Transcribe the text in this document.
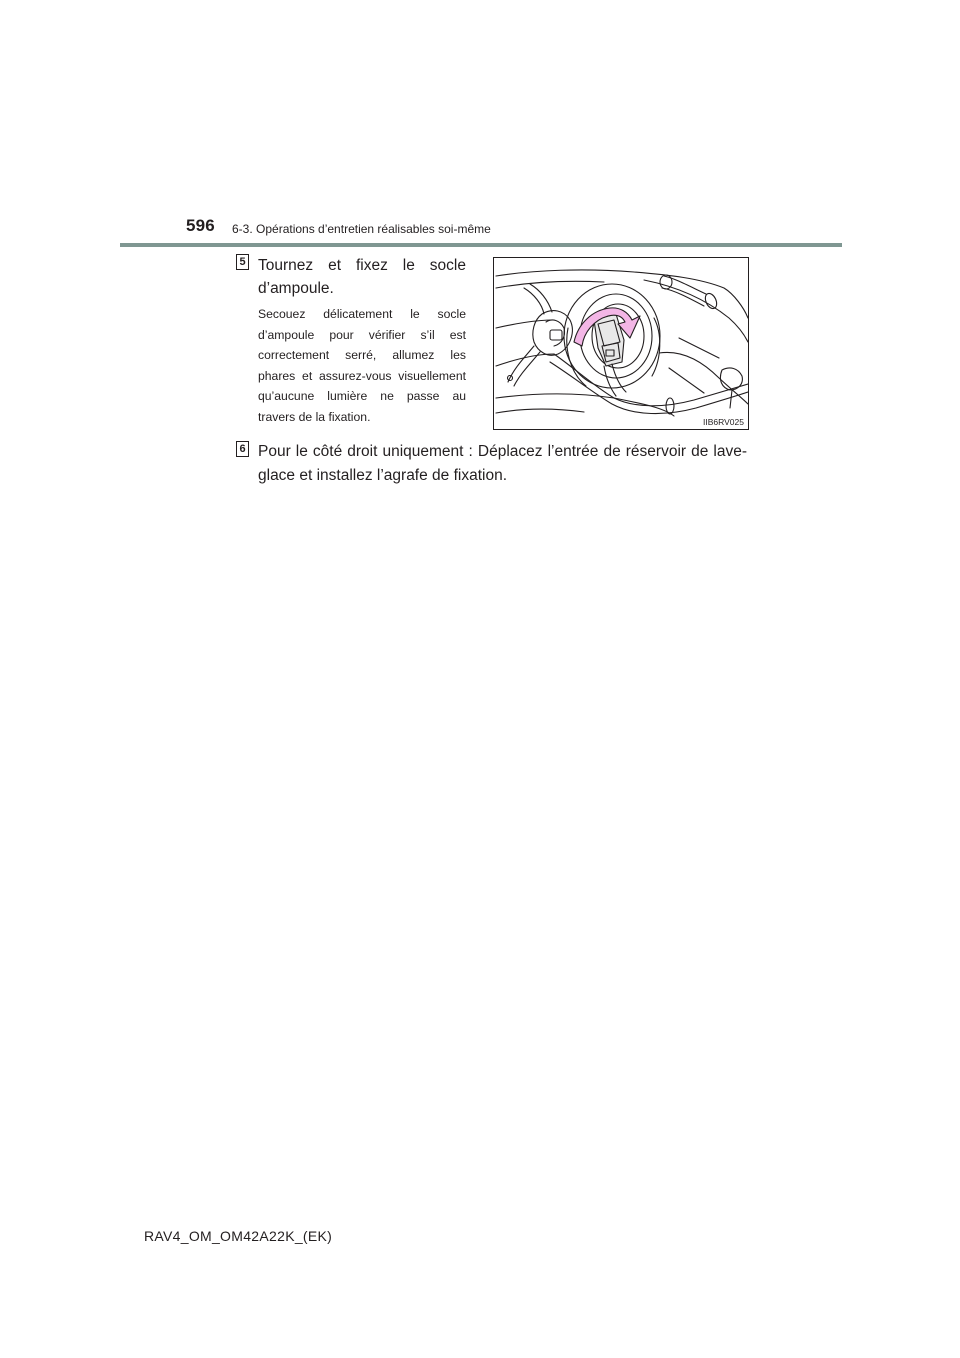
596 6-3. Opérations d’entretien réalisables soi-même
5 Tournez et fixez le socle d’ampoule.

Secouez délicatement le socle d’ampoule pour vérifier s’il est correctement serré, allumez les phares et assurez-vous visuellement qu’aucune lumière ne passe au travers de la fixation.	IIB6RV025
6 Pour le côté droit uniquement : Déplacez l’entrée de réservoir de lave-glace et installez l’agrafe de fixation.

RAV4_OM_OM42A22K_(EK)
